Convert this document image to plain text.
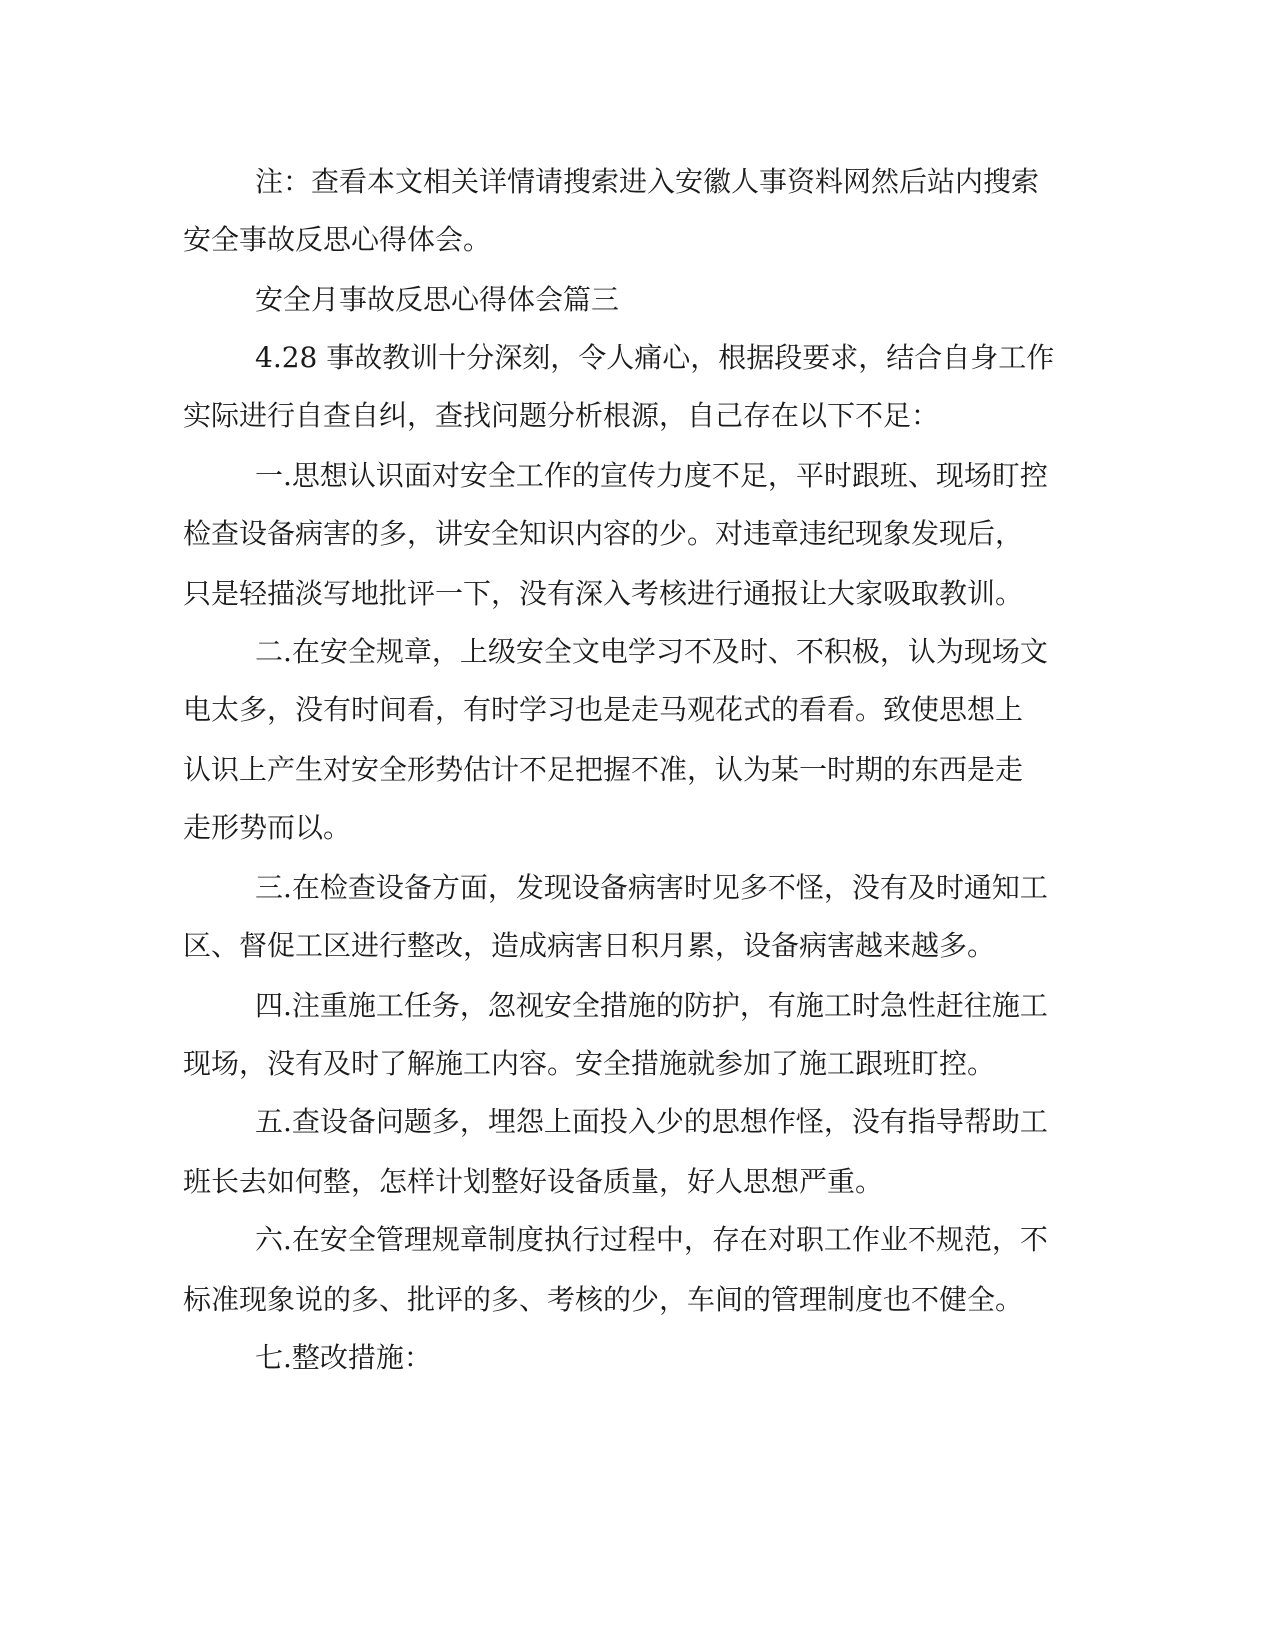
注：查看本文相关详情请搜索进入安徽人事资料网然后站内搜索
安全事故反思心得体会。
安全月事故反思心得体会篇三
4.28 事故教训十分深刻，令人痛心，根据段要求，结合自身工作
实际进行自查自纠，查找问题分析根源，自己存在以下不足：
一.思想认识面对安全工作的宣传力度不足，平时跟班、现场盯控
检查设备病害的多，讲安全知识内容的少。对违章违纪现象发现后，
只是轻描淡写地批评一下，没有深入考核进行通报让大家吸取教训。
二.在安全规章，上级安全文电学习不及时、不积极，认为现场文
电太多，没有时间看，有时学习也是走马观花式的看看。致使思想上
认识上产生对安全形势估计不足把握不准，认为某一时期的东西是走
走形势而以。
三.在检查设备方面，发现设备病害时见多不怪，没有及时通知工
区、督促工区进行整改，造成病害日积月累，设备病害越来越多。
四.注重施工任务，忽视安全措施的防护，有施工时急性赶往施工
现场，没有及时了解施工内容。安全措施就参加了施工跟班盯控。
五.查设备问题多，埋怨上面投入少的思想作怪，没有指导帮助工
班长去如何整，怎样计划整好设备质量，好人思想严重。
六.在安全管理规章制度执行过程中，存在对职工作业不规范，不
标准现象说的多、批评的多、考核的少，车间的管理制度也不健全。
七.整改措施：
